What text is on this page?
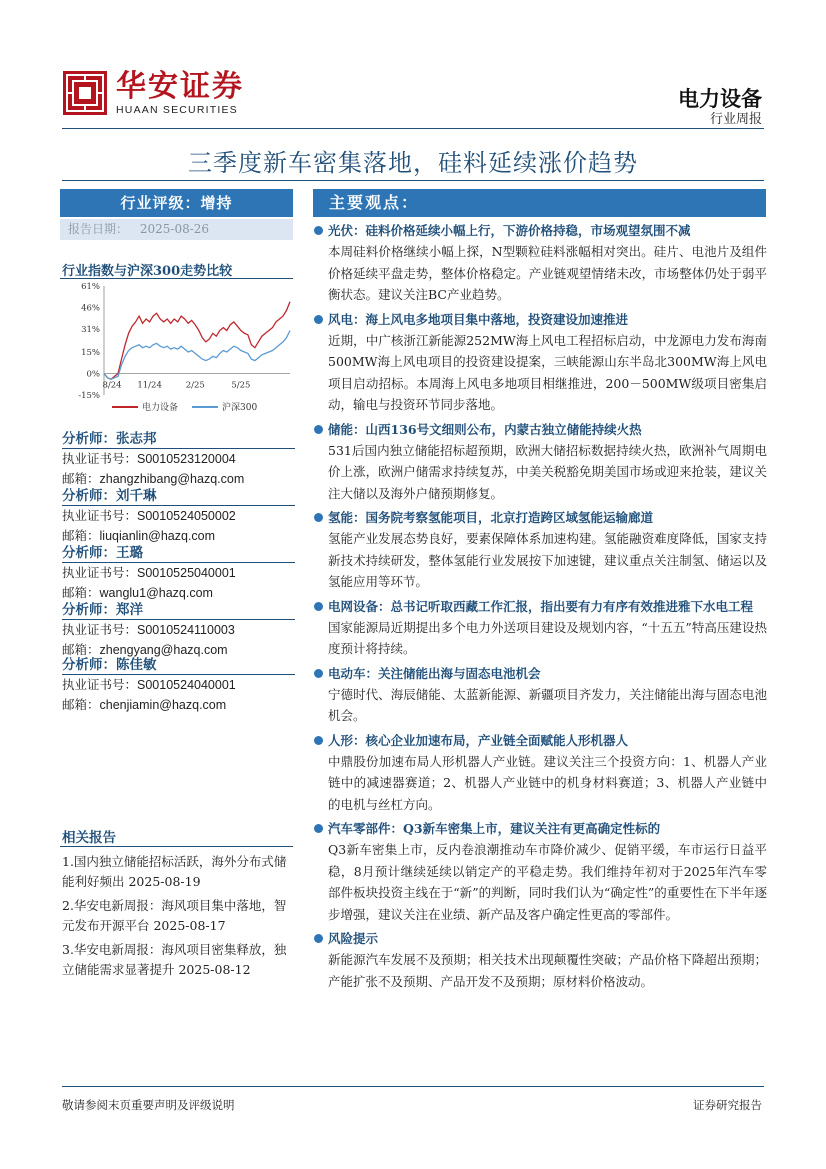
华安证券
HUAAN SECURITIES	电力设备
行业周报
三季度新车密集落地，硅料延续涨价趋势
行业评级：增持
报告日期： 2025-08-26
行业指数与沪深300走势比较
61%
46%
31%
15%
0%
-15%
8/24 11/24	2/25	5/25
电力设备	沪深300
分析师：张志邦
执业证书号：S0010523120004
邮箱：zhangzhibang@hazq.com
分析师：刘千琳
执业证书号：S0010524050002
邮箱：liuqianlin@hazq.com
分析师：王璐
执业证书号：S0010525040001
邮箱：wanglu1@hazq.com
分析师：郑洋
执业证书号：S0010524110003
邮箱：zhengyang@hazq.com
分析师：陈佳敏
执业证书号：S0010524040001
邮箱：chenjiamin@hazq.com
相关报告
1.国内独立储能招标活跃，海外分布式储能利好频出 2025-08-19
2.华安电新周报：海风项目集中落地，智元发布开源平台 2025-08-17
3.华安电新周报：海风项目密集释放，独立储能需求显著提升 2025-08-12
主要观点：
光伏：硅料价格延续小幅上行，下游价格持稳，市场观望氛围不减
本周硅料价格继续小幅上探，N型颗粒硅料涨幅相对突出。硅片、电池片及组件价格延续平盘走势，整体价格稳定。产业链观望情绪未改，市场整体仍处于弱平衡状态。建议关注BC产业趋势。
风电：海上风电多地项目集中落地，投资建设加速推进
近期，中广核浙江新能源252MW海上风电工程招标启动，中龙源电力发布海南500MW海上风电项目的投资建设提案，三峡能源山东半岛北300MW海上风电项目启动招标。本周海上风电多地项目相继推进，200－500MW级项目密集启动，输电与投资环节同步落地。
储能：山西136号文细则公布，内蒙古独立储能持续火热
531后国内独立储能招标超预期，欧洲大储招标数据持续火热，欧洲补气周期电价上涨，欧洲户储需求持续复苏，中美关税豁免期美国市场或迎来抢装，建议关注大储以及海外户储预期修复。
氢能：国务院考察氢能项目，北京打造跨区域氢能运输廊道
氢能产业发展态势良好，要素保障体系加速构建。氢能融资难度降低，国家支持新技术持续研发，整体氢能行业发展按下加速键，建议重点关注制氢、储运以及氢能应用等环节。
电网设备：总书记听取西藏工作汇报，指出要有力有序有效推进雅下水电工程
国家能源局近期提出多个电力外送项目建设及规划内容，“十五五”特高压建设热度预计将持续。
电动车：关注储能出海与固态电池机会
宁德时代、海辰储能、太蓝新能源、新疆项目齐发力，关注储能出海与固态电池机会。
人形：核心企业加速布局，产业链全面赋能人形机器人
中鼎股份加速布局人形机器人产业链。建议关注三个投资方向：1、机器人产业链中的减速器赛道；2、机器人产业链中的机身材料赛道；3、机器人产业链中的电机与丝杠方向。
汽车零部件：Q3新车密集上市，建议关注有更高确定性标的
Q3新车密集上市，反内卷浪潮推动车市降价减少、促销平缓，车市运行日益平稳，8月预计继续延续以销定产的平稳走势。我们维持年初对于2025年汽车零部件板块投资主线在于“新”的判断，同时我们认为“确定性”的重要性在下半年逐步增强，建议关注在业绩、新产品及客户确定性更高的零部件。
风险提示
新能源汽车发展不及预期；相关技术出现颠覆性突破；产品价格下降超出预期；产能扩张不及预期、产品开发不及预期；原材料价格波动。
敬请参阅末页重要声明及评级说明	证券研究报告
